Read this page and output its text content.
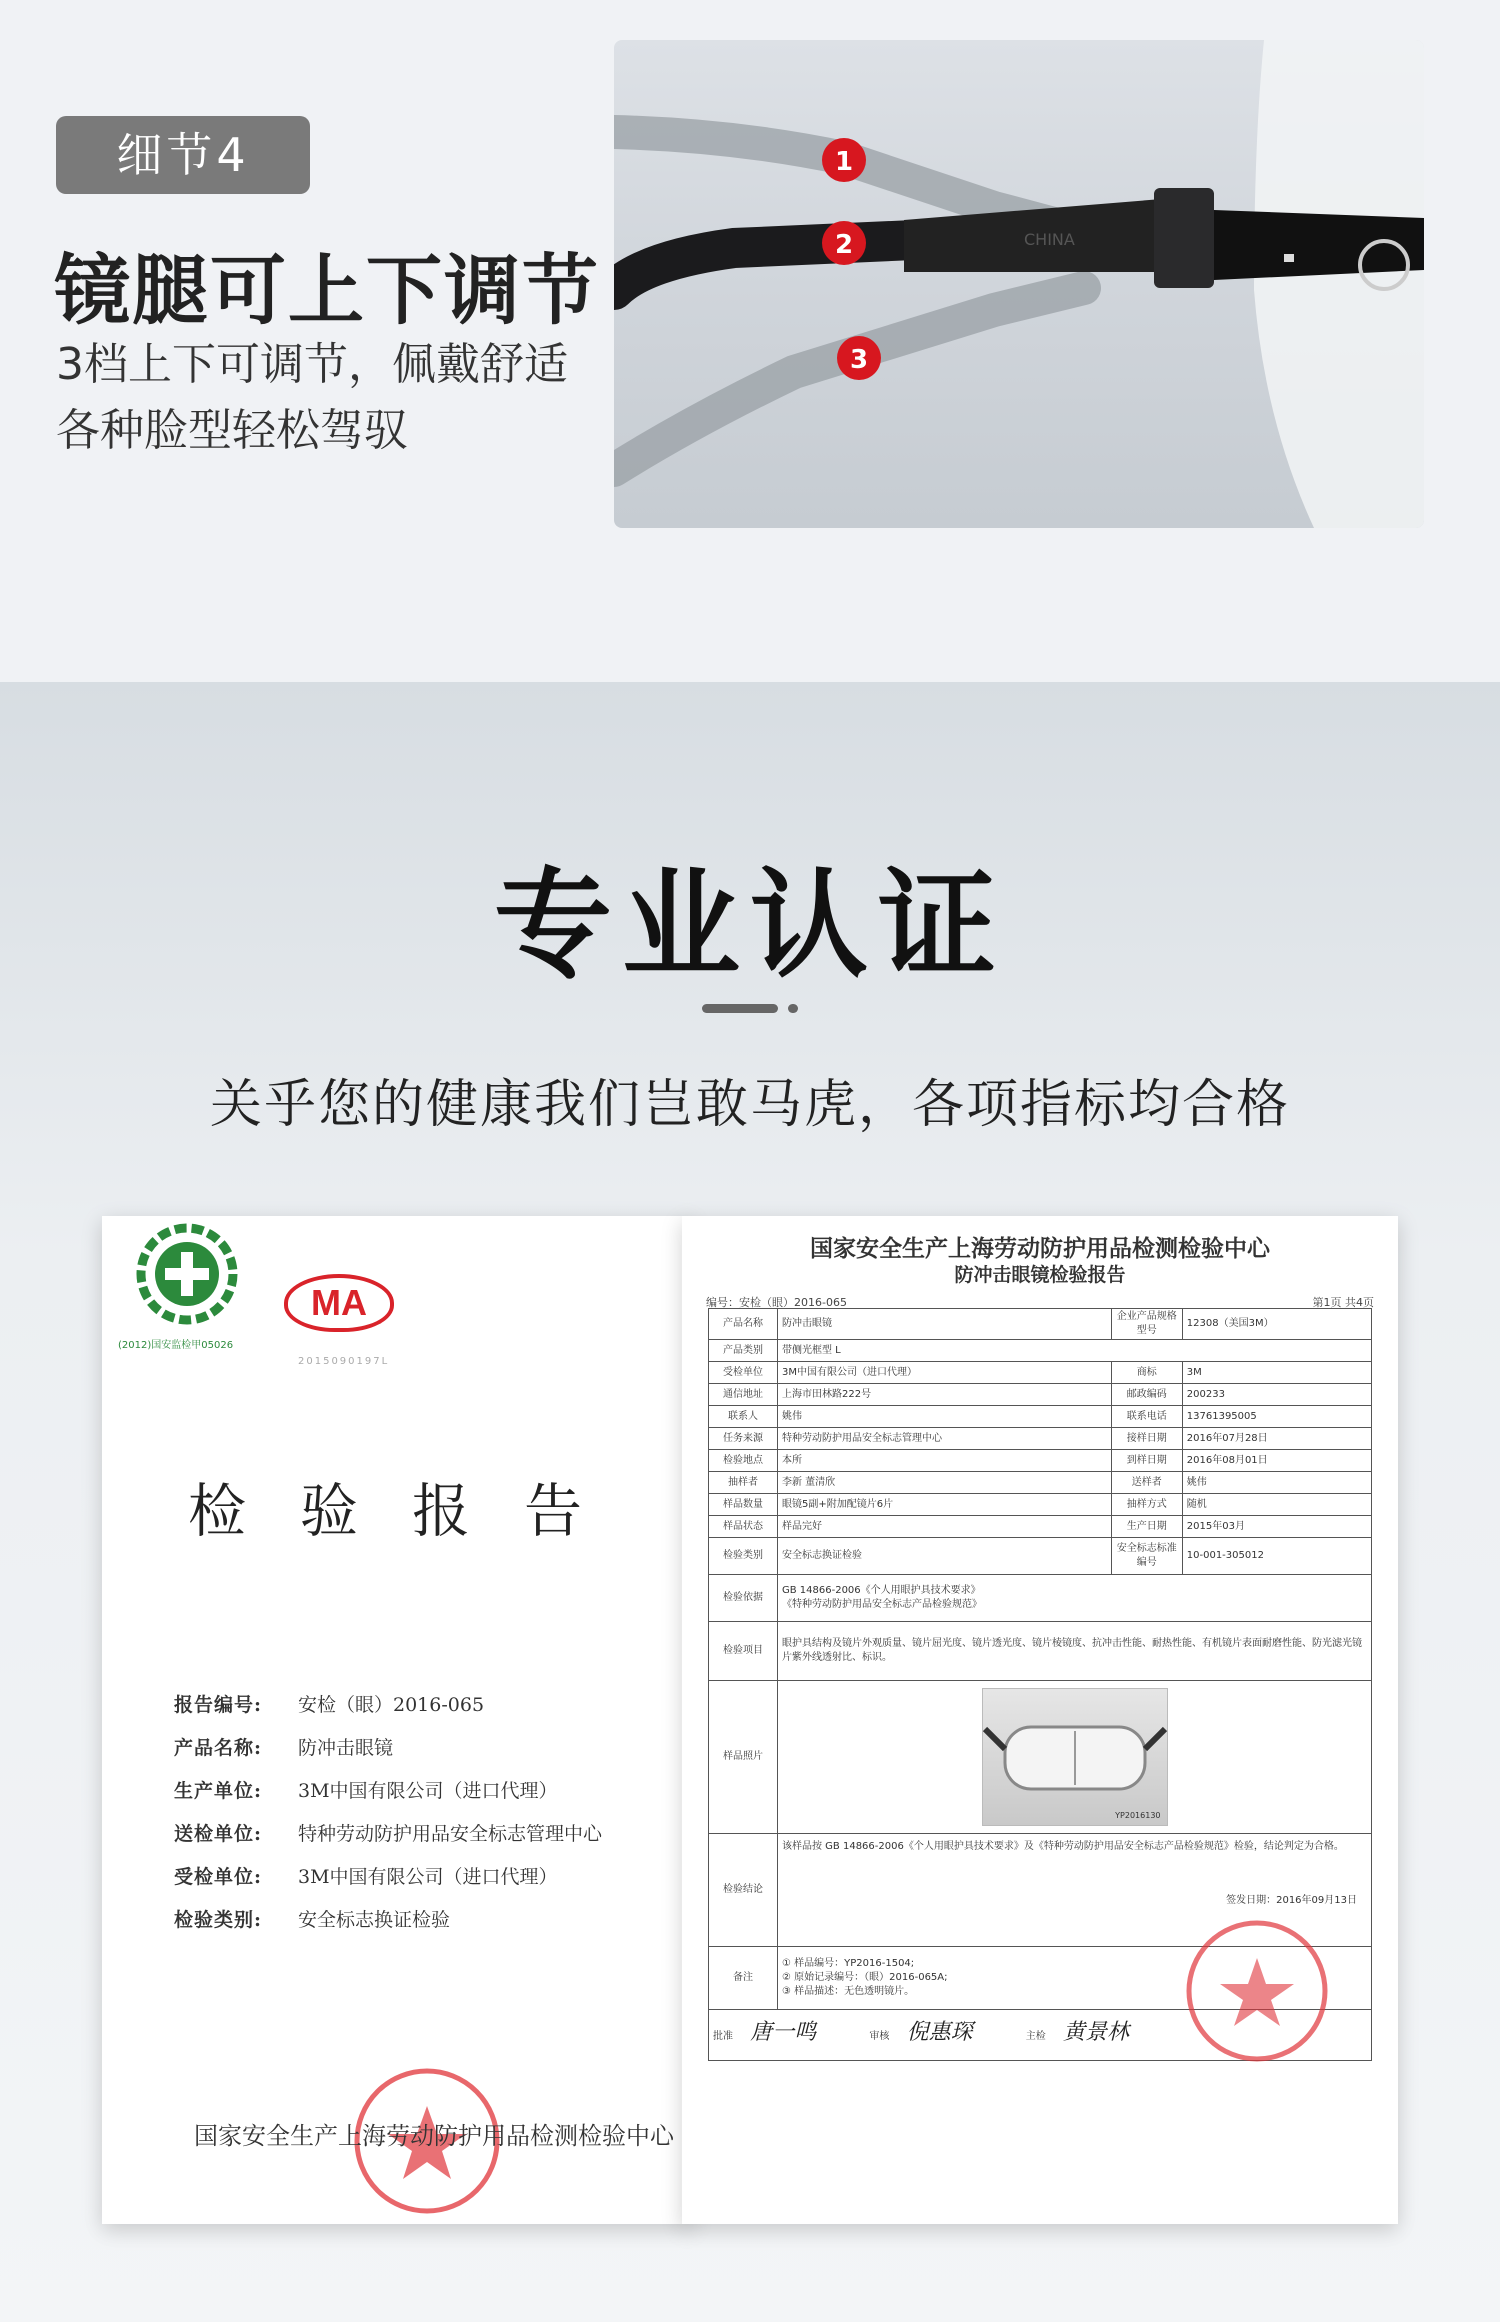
细节4
镜腿可上下调节
3档上下可调节，佩戴舒适
各种脸型轻松驾驭
CHINA
1
2
3
专业认证
关乎您的健康我们岂敢马虎，各项指标均合格
(2012)国安监检甲05026
MA
2015090197L
检验报告
报告编号: 安检（眼）2016-065
产品名称: 防冲击眼镜
生产单位: 3M中国有限公司（进口代理）
送检单位: 特种劳动防护用品安全标志管理中心
受检单位: 3M中国有限公司（进口代理）
检验类别: 安全标志换证检验
国家安全生产上海劳动防护用品检测检验中心
国家安全生产上海劳动防护用品检测检验中心
防冲击眼镜检验报告
编号：安检（眼）2016-065	第1页 共4页
产品名称	防冲击眼镜	企业产品规格型号	12308（美国3M）
产品类别	带侧光框型 L		
受检单位	3M中国有限公司（进口代理）	商标	3M
通信地址	上海市田林路222号	邮政编码	200233
联系人	姚伟	联系电话	13761395005
任务来源	特种劳动防护用品安全标志管理中心	接样日期	2016年07月28日
检验地点	本所	到样日期	2016年08月01日
抽样者	李新 董清欣	送样者	姚伟
样品数量	眼镜5副+附加配镜片6片	抽样方式	随机
样品状态	样品完好	生产日期	2015年03月
检验类别	安全标志换证检验	安全标志标准编号	10-001-305012
检验依据	GB 14866-2006《个人用眼护具技术要求》
《特种劳动防护用品安全标志产品检验规范》		

检验项目	眼护具结构及镜片外观质量、镜片屈光度、镜片透光度、镜片棱镜度、抗冲击性能、耐热性能、有机镜片表面耐磨性能、防光滤光镜片紫外线透射比、标识。		
样品照片	YP2016130		

检验结论	该样品按 GB 14866-2006《个人用眼护具技术要求》及《特种劳动防护用品安全标志产品检验规范》检验，结论判定为合格。
签发日期：2016年09月13日		

备注	① 样品编号：YP2016-1504;
② 原始记录编号：（眼）2016-065A;
③ 样品描述：无色透明镜片。		

批准 唐一鸣 审核 倪惠琛 主检 黄景林			
